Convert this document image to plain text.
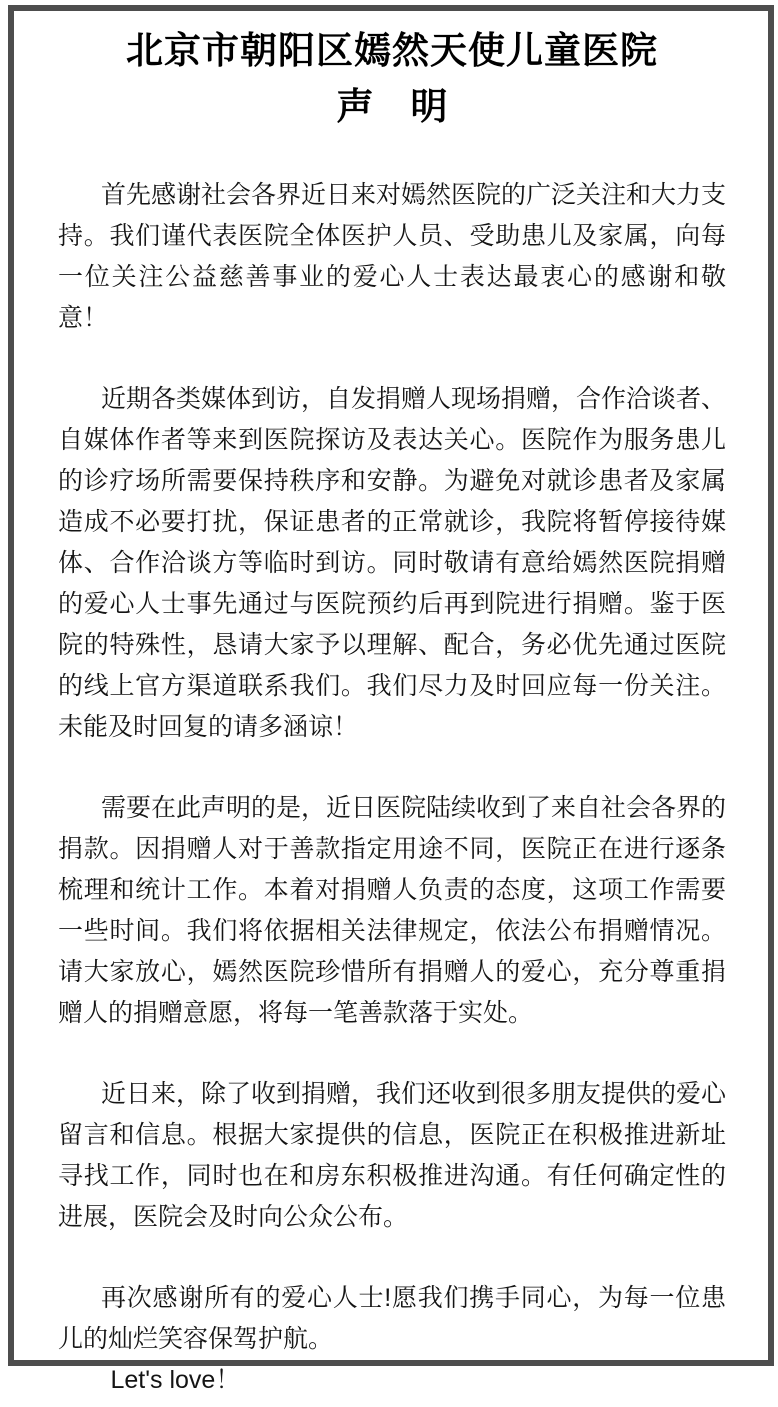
北京市朝阳区嫣然天使儿童医院
声　明

首先感谢社会各界近日来对嫣然医院的广泛关注和大力支持。我们谨代表医院全体医护人员、受助患儿及家属，向每一位关注公益慈善事业的爱心人士表达最衷心的感谢和敬意！

近期各类媒体到访，自发捐赠人现场捐赠，合作洽谈者、自媒体作者等来到医院探访及表达关心。医院作为服务患儿的诊疗场所需要保持秩序和安静。为避免对就诊患者及家属造成不必要打扰，保证患者的正常就诊，我院将暂停接待媒体、合作洽谈方等临时到访。同时敬请有意给嫣然医院捐赠的爱心人士事先通过与医院预约后再到院进行捐赠。鉴于医院的特殊性，恳请大家予以理解、配合，务必优先通过医院的线上官方渠道联系我们。我们尽力及时回应每一份关注。未能及时回复的请多涵谅！

需要在此声明的是，近日医院陆续收到了来自社会各界的捐款。因捐赠人对于善款指定用途不同，医院正在进行逐条梳理和统计工作。本着对捐赠人负责的态度，这项工作需要一些时间。我们将依据相关法律规定，依法公布捐赠情况。请大家放心，嫣然医院珍惜所有捐赠人的爱心，充分尊重捐赠人的捐赠意愿，将每一笔善款落于实处。

近日来，除了收到捐赠，我们还收到很多朋友提供的爱心留言和信息。根据大家提供的信息，医院正在积极推进新址寻找工作，同时也在和房东积极推进沟通。有任何确定性的进展，医院会及时向公众公布。

再次感谢所有的爱心人士!愿我们携手同心，为每一位患儿的灿烂笑容保驾护航。

Let's love！
